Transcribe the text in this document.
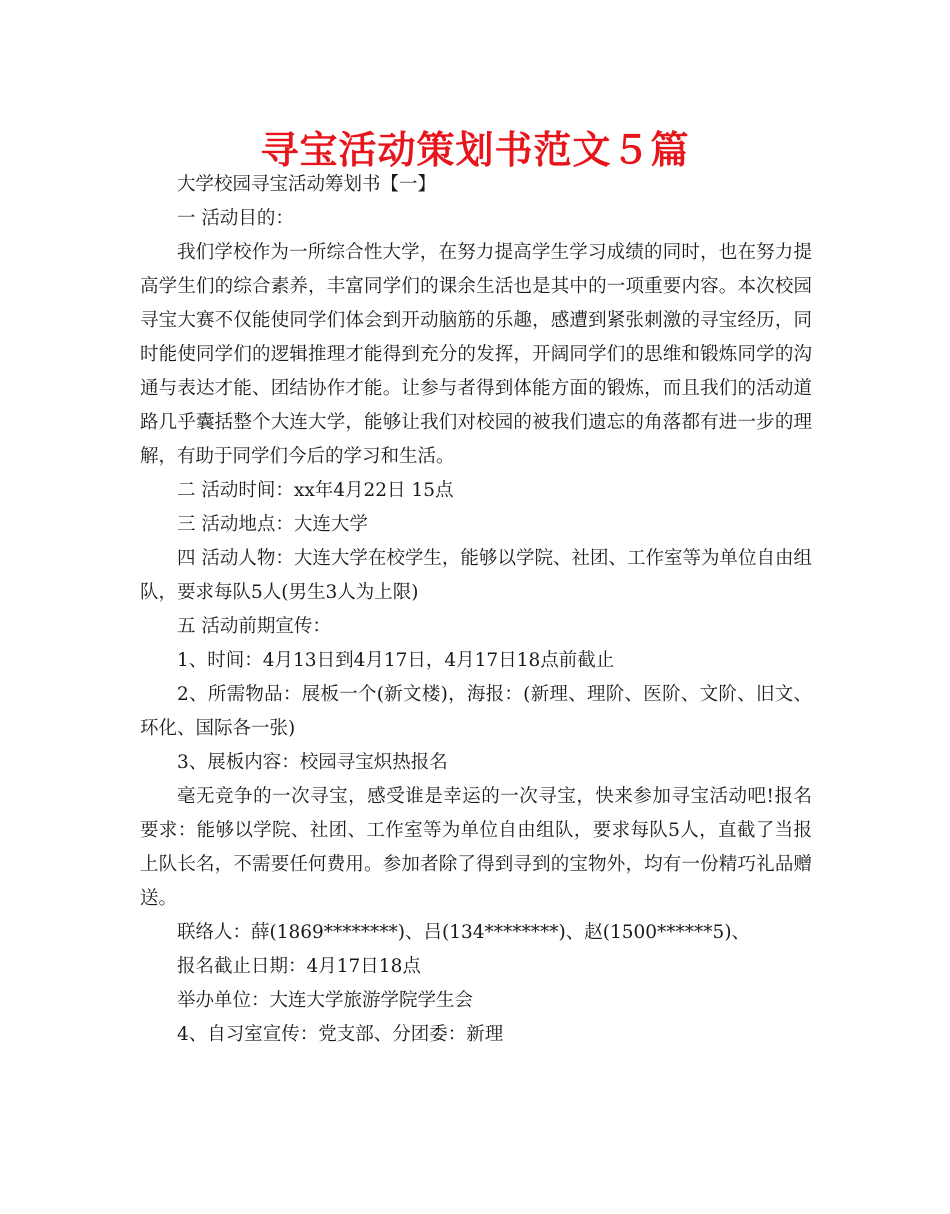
寻宝活动策划书范文５篇

大学校园寻宝活动筹划书【一】

一 活动目的：

我们学校作为一所综合性大学，在努力提高学生学习成绩的同时，也在努力提高学生们的综合素养，丰富同学们的课余生活也是其中的一项重要内容。本次校园寻宝大赛不仅能使同学们体会到开动脑筋的乐趣，感遭到紧张刺激的寻宝经历，同时能使同学们的逻辑推理才能得到充分的发挥，开阔同学们的思维和锻炼同学的沟通与表达才能、团结协作才能。让参与者得到体能方面的锻炼，而且我们的活动道路几乎囊括整个大连大学，能够让我们对校园的被我们遗忘的角落都有进一步的理解，有助于同学们今后的学习和生活。

二 活动时间：xx年4月22日 15点

三 活动地点：大连大学

四 活动人物：大连大学在校学生，能够以学院、社团、工作室等为单位自由组队，要求每队5人(男生3人为上限)

五 活动前期宣传：

1、时间：4月13日到4月17日，4月17日18点前截止

2、所需物品：展板一个(新文楼)，海报：(新理、理阶、医阶、文阶、旧文、环化、国际各一张)

3、展板内容：校园寻宝炽热报名

毫无竞争的一次寻宝，感受谁是幸运的一次寻宝，快来参加寻宝活动吧!报名要求：能够以学院、社团、工作室等为单位自由组队，要求每队5人，直截了当报上队长名，不需要任何费用。参加者除了得到寻到的宝物外，均有一份精巧礼品赠送。

联络人：薛(1869********)、吕(134********)、赵(1500******5)、

报名截止日期：4月17日18点

举办单位：大连大学旅游学院学生会

4、自习室宣传：党支部、分团委：新理
